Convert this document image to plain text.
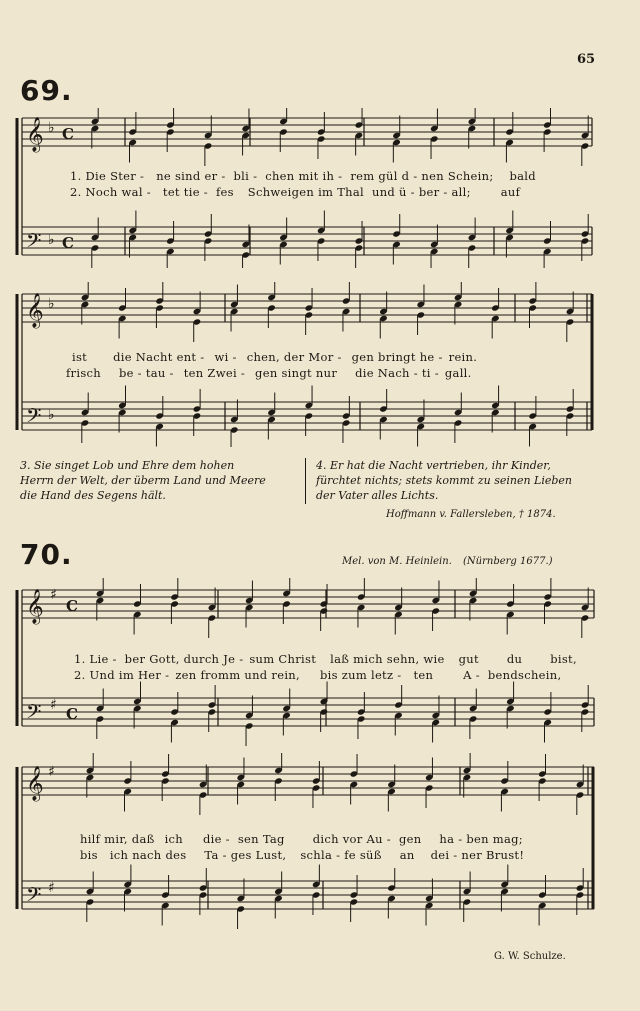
65
69.
𝄞 ♭ C
𝄢 ♭ C
1. Die Ster - ne sind er - bli - chen mit ih - rem gül d - nen Schein; bald
2. Noch wal - tet tie - fes Schweigen im Thal und ü - ber - all;	auf
𝄞 ♭
𝄢 ♭
ist die Nacht ent - wi - chen, der Mor - gen bringt he - rein.
frisch be - tau - ten Zwei - gen singt nur die Nach - ti - gall.
3. Sie singet Lob und Ehre dem hohen
Herrn der Welt, der überm Land und Meere
die Hand des Segens hält.
4. Er hat die Nacht vertrieben, ihr Kinder,
fürchtet nichts; stets kommt zu seinen Lieben
der Vater alles Lichts.
Hoffmann v. Fallersleben, † 1874.
70.	Mel. von M. Heinlein. (Nürnberg 1677.)
𝄞 ♯
C
𝄢 ♯ C
1. Lie - ber Gott, durch Je - sum Christ laß mich sehn, wie gut du bist,
2. Und im Her - zen fromm und rein, bis zum letz - ten	A - bendschein,
𝄞 ♯
𝄢 ♯
hilf mir, daß ich die - sen Tag dich vor Au - gen ha - ben mag;
bis ich nach des Ta - ges Lust, schla - fe süß an dei - ner Brust!
G. W. Schulze.
